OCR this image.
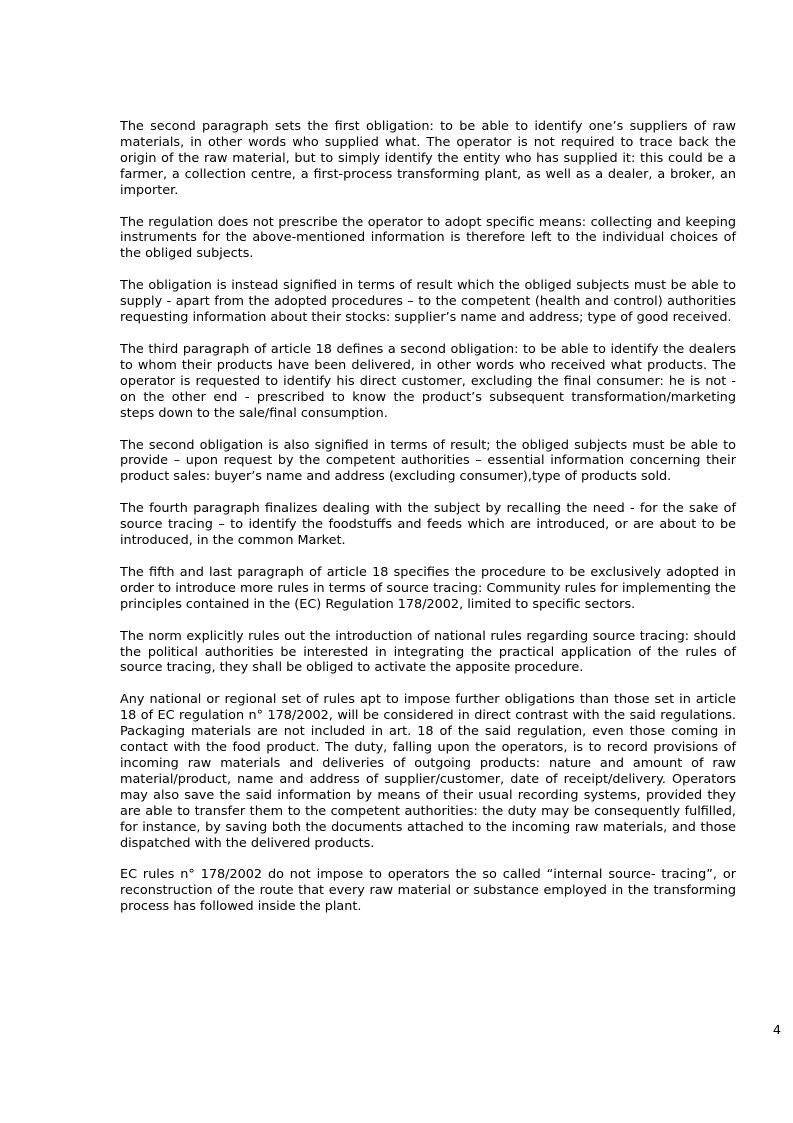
The second paragraph sets the first obligation: to be able to identify one’s suppliers of raw materials, in other words who supplied what. The operator is not required to trace back the origin of the raw material, but to simply identify the entity who has supplied it: this could be a farmer, a collection centre, a first-process transforming plant, as well as a dealer, a broker, an importer.

The regulation does not prescribe the operator to adopt specific means: collecting and keeping instruments for the above-mentioned information is therefore left to the individual choices of the obliged subjects.

The obligation is instead signified in terms of result which the obliged subjects must be able to supply - apart from the adopted procedures – to the competent (health and control) authorities requesting information about their stocks: supplier’s name and address; type of good received.

The third paragraph of article 18 defines a second obligation: to be able to identify the dealers to whom their products have been delivered, in other words who received what products. The operator is requested to identify his direct customer, excluding the final consumer: he is not - on the other end - prescribed to know the product’s subsequent transformation/marketing steps down to the sale/final consumption.

The second obligation is also signified in terms of result; the obliged subjects must be able to provide – upon request by the competent authorities – essential information concerning their product sales: buyer’s name and address (excluding consumer),type of products sold.

The fourth paragraph finalizes dealing with the subject by recalling the need - for the sake of source tracing – to identify the foodstuffs and feeds which are introduced, or are about to be introduced, in the common Market.

The fifth and last paragraph of article 18 specifies the procedure to be exclusively adopted in order to introduce more rules in terms of source tracing: Community rules for implementing the principles contained in the (EC) Regulation 178/2002, limited to specific sectors.

The norm explicitly rules out the introduction of national rules regarding source tracing: should the political authorities be interested in integrating the practical application of the rules of source tracing, they shall be obliged to activate the apposite procedure.

Any national or regional set of rules apt to impose further obligations than those set in article 18 of EC regulation n° 178/2002, will be considered in direct contrast with the said regulations. Packaging materials are not included in art. 18 of the said regulation, even those coming in contact with the food product. The duty, falling upon the operators, is to record provisions of incoming raw materials and deliveries of outgoing products: nature and amount of raw material/product, name and address of supplier/customer, date of receipt/delivery. Operators may also save the said information by means of their usual recording systems, provided they are able to transfer them to the competent authorities: the duty may be consequently fulfilled, for instance, by saving both the documents attached to the incoming raw materials, and those dispatched with the delivered products.

EC rules n° 178/2002 do not impose to operators the so called “internal source- tracing”, or reconstruction of the route that every raw material or substance employed in the transforming process has followed inside the plant.

4
